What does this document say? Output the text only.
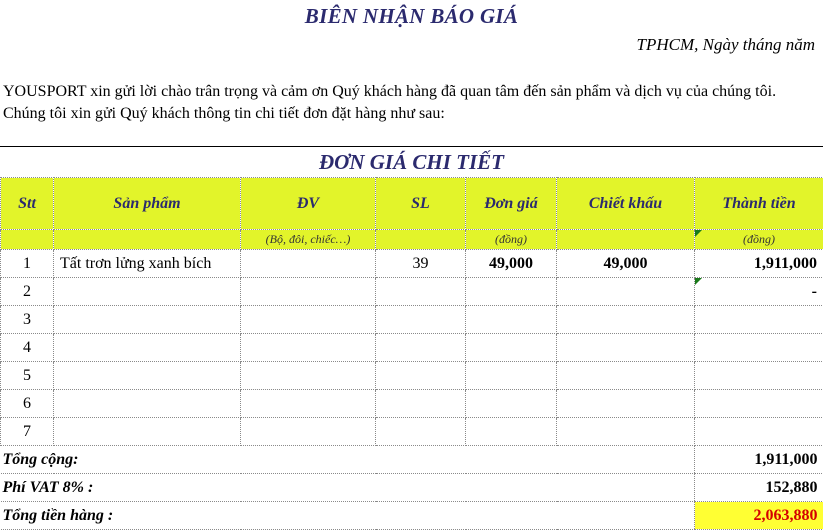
BIÊN NHẬN BÁO GIÁ
TPHCM, Ngày tháng năm
YOUSPORT xin gửi lời chào trân trọng và cảm ơn Quý khách hàng đã quan tâm đến sản phẩm và dịch vụ của chúng tôi. Chúng tôi xin gửi Quý khách thông tin chi tiết đơn đặt hàng như sau:
ĐƠN GIÁ CHI TIẾT
Stt	Sản phẩm	ĐV	SL	Đơn giá	Chiết khấu	Thành tiền
		(Bộ, đôi, chiếc…)		(đồng)		(đồng)
1	Tất trơn lửng xanh bích		39	49,000	49,000	1,911,000
2						-
3						
4						
5						
6						
7						
Tổng cộng:						1,911,000
Phí VAT 8% :						152,880
Tổng tiền hàng :						2,063,880
